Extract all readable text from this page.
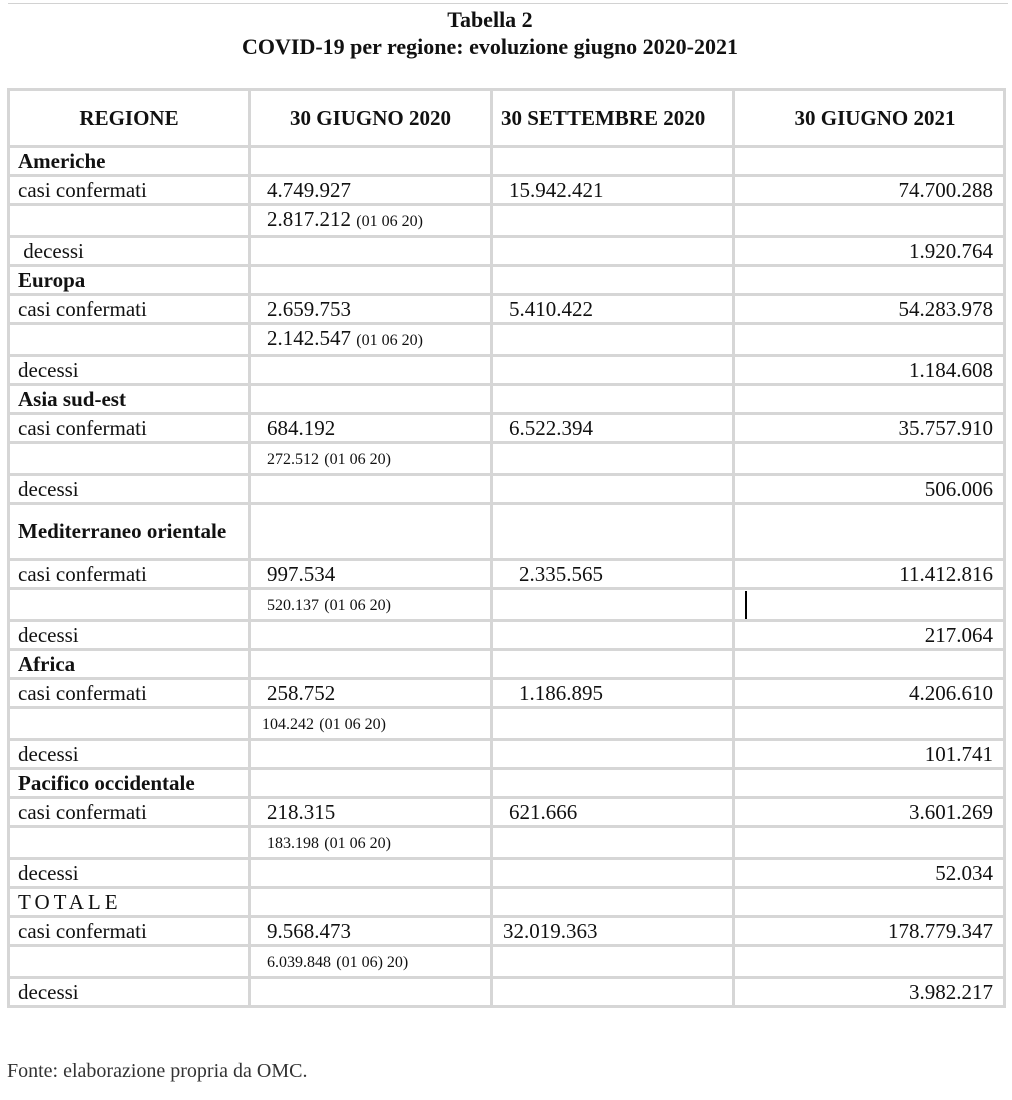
Tabella 2
COVID-19 per regione: evoluzione giugno 2020-2021
REGIONE	30 GIUGNO 2020	30 SETTEMBRE 2020	30 GIUGNO 2021
Americhe			
casi confermati	4.749.927	15.942.421	74.700.288
	2.817.212 (01 06 20)		
decessi			1.920.764
Europa			
casi confermati	2.659.753	5.410.422	54.283.978
	2.142.547 (01 06 20)		
decessi			1.184.608
Asia sud-est			
casi confermati	684.192	6.522.394	35.757.910
	272.512 (01 06 20)		
decessi			506.006
Mediterraneo orientale			
casi confermati	997.534	2.335.565	11.412.816
	520.137 (01 06 20)		
decessi			217.064
Africa			
casi confermati	258.752	1.186.895	4.206.610
	104.242 (01 06 20)		
decessi			101.741
Pacifico occidentale			
casi confermati	218.315	621.666	3.601.269
	183.198 (01 06 20)		
decessi			52.034
TOTALE			
casi confermati	9.568.473	32.019.363	178.779.347
	6.039.848 (01 06) 20)		
decessi			3.982.217
Fonte: elaborazione propria da OMC.
